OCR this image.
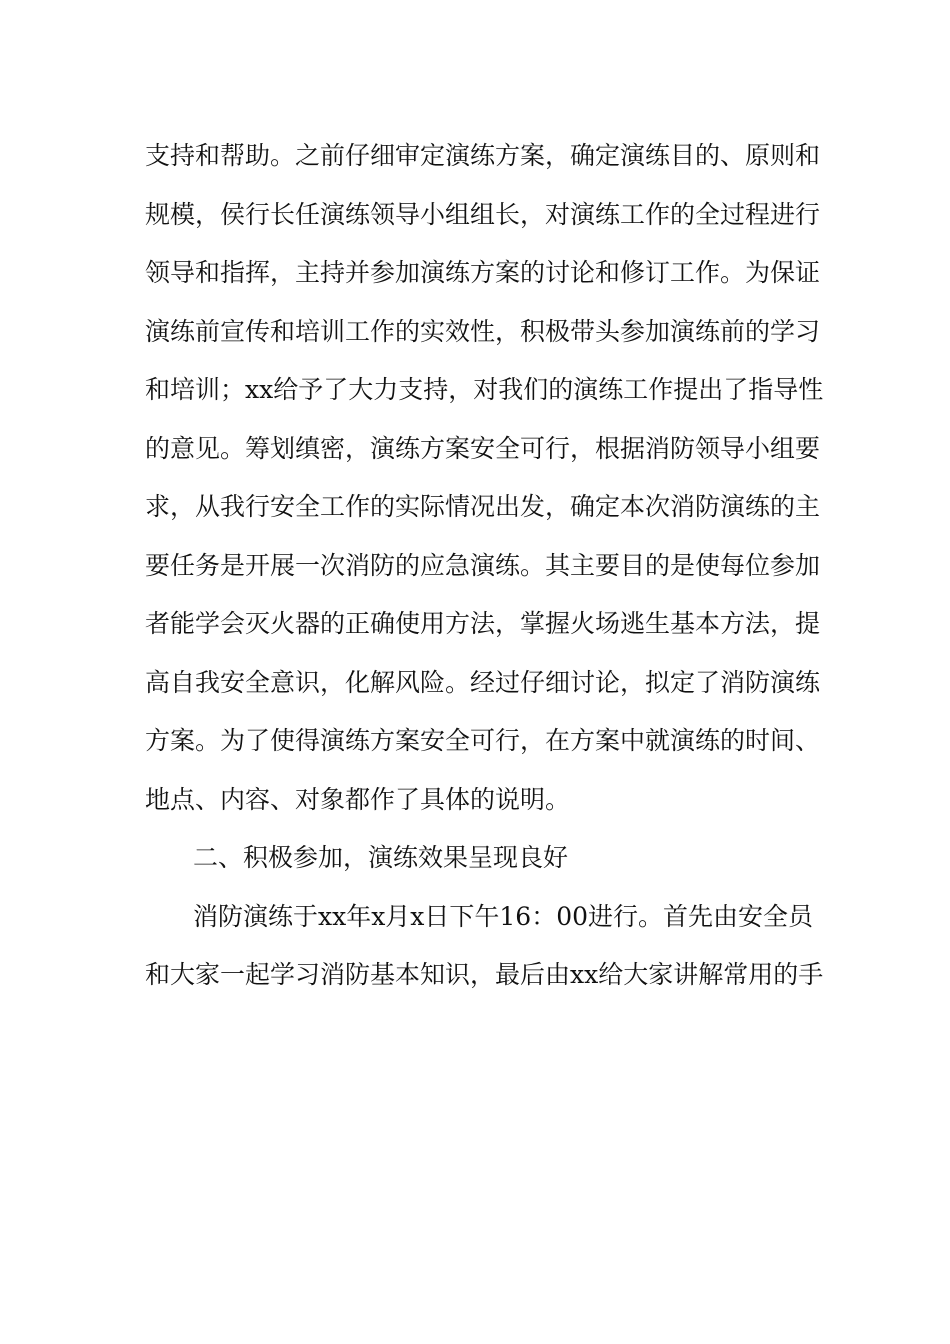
支持和帮助。之前仔细审定演练方案，确定演练目的、原则和
规模，侯行长任演练领导小组组长，对演练工作的全过程进行
领导和指挥，主持并参加演练方案的讨论和修订工作。为保证
演练前宣传和培训工作的实效性，积极带头参加演练前的学习
和培训；xx给予了大力支持，对我们的演练工作提出了指导性
的意见。筹划缜密，演练方案安全可行，根据消防领导小组要
求，从我行安全工作的实际情况出发，确定本次消防演练的主
要任务是开展一次消防的应急演练。其主要目的是使每位参加
者能学会灭火器的正确使用方法，掌握火场逃生基本方法，提
高自我安全意识，化解风险。经过仔细讨论，拟定了消防演练
方案。为了使得演练方案安全可行，在方案中就演练的时间、
地点、内容、对象都作了具体的说明。
二、积极参加，演练效果呈现良好
消防演练于xx年x月x日下午16：00进行。首先由安全员
和大家一起学习消防基本知识，最后由xx给大家讲解常用的手
